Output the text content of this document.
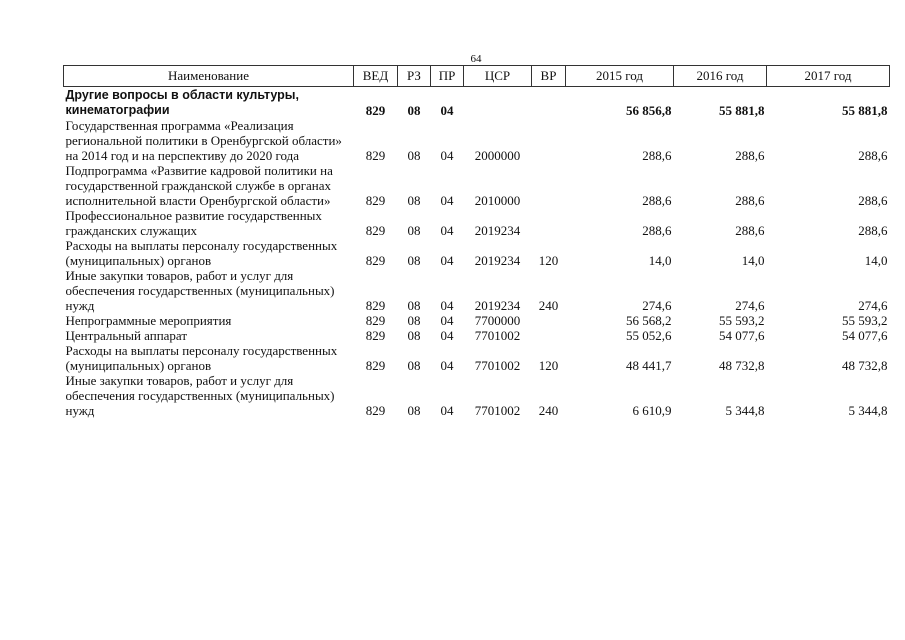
64
Наименование	ВЕД	РЗ	ПР	ЦСР	ВР	2015 год	2016 год	2017 год
Другие вопросы в области культуры, кинематографии	829	08	04			56 856,8	55 881,8	55 881,8
Государственная программа «Реализация региональной политики в Оренбургской области» на 2014 год и на перспективу до 2020 года	829	08	04	2000000		288,6	288,6	288,6
Подпрограмма «Развитие кадровой политики на государственной гражданской службе в органах исполнительной власти Оренбургской области»	829	08	04	2010000		288,6	288,6	288,6
Профессиональное развитие государственных гражданских служащих	829	08	04	2019234		288,6	288,6	288,6
Расходы на выплаты персоналу государственных (муниципальных) органов	829	08	04	2019234	120	14,0	14,0	14,0
Иные закупки товаров, работ и услуг для обеспечения государственных (муниципальных) нужд	829	08	04	2019234	240	274,6	274,6	274,6
Непрограммные мероприятия	829	08	04	7700000		56 568,2	55 593,2	55 593,2
Центральный аппарат	829	08	04	7701002		55 052,6	54 077,6	54 077,6
Расходы на выплаты персоналу государственных (муниципальных) органов	829	08	04	7701002	120	48 441,7	48 732,8	48 732,8
Иные закупки товаров, работ и услуг для обеспечения государственных (муниципальных) нужд	829	08	04	7701002	240	6 610,9	5 344,8	5 344,8
